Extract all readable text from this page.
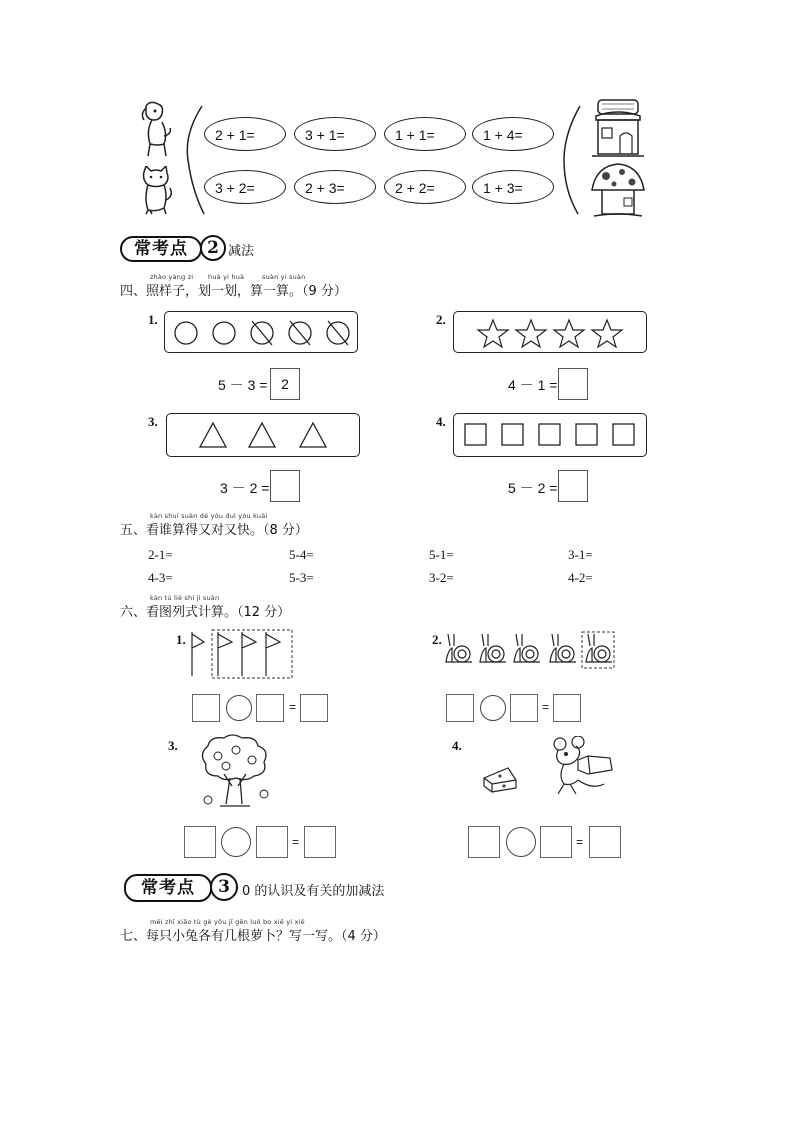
2 + 1=	3 + 1=	1 + 1=	1 + 4=
3 + 2=	2 + 3=	2 + 2=	1 + 3=
常考点	2 减法
zhào yàng zi huà yi huà	suàn yi suàn
四、照样子，划一划，算一算。（9 分）
1.
5 － 3 = 2
2.
4 － 1 =
3.
3 － 2 =
4.
5 － 2 =
kàn shuí suàn dé yòu duì yòu kuài
五、看谁算得又对又快。（8 分）
2-1=	5-4=	5-1=	3-1=
4-3=	5-3=	3-2=	4-2=
kàn tú liè shì jì suàn
六、看图列式计算。（12 分）
1.
=
2.
=
3.
=
4.
=
常考点	3 0 的认识及有关的加减法
měi zhī xiǎo tù gè yǒu jǐ gēn luó bo xiě yi xiě
七、每只小兔各有几根萝卜？写一写。（4 分）
